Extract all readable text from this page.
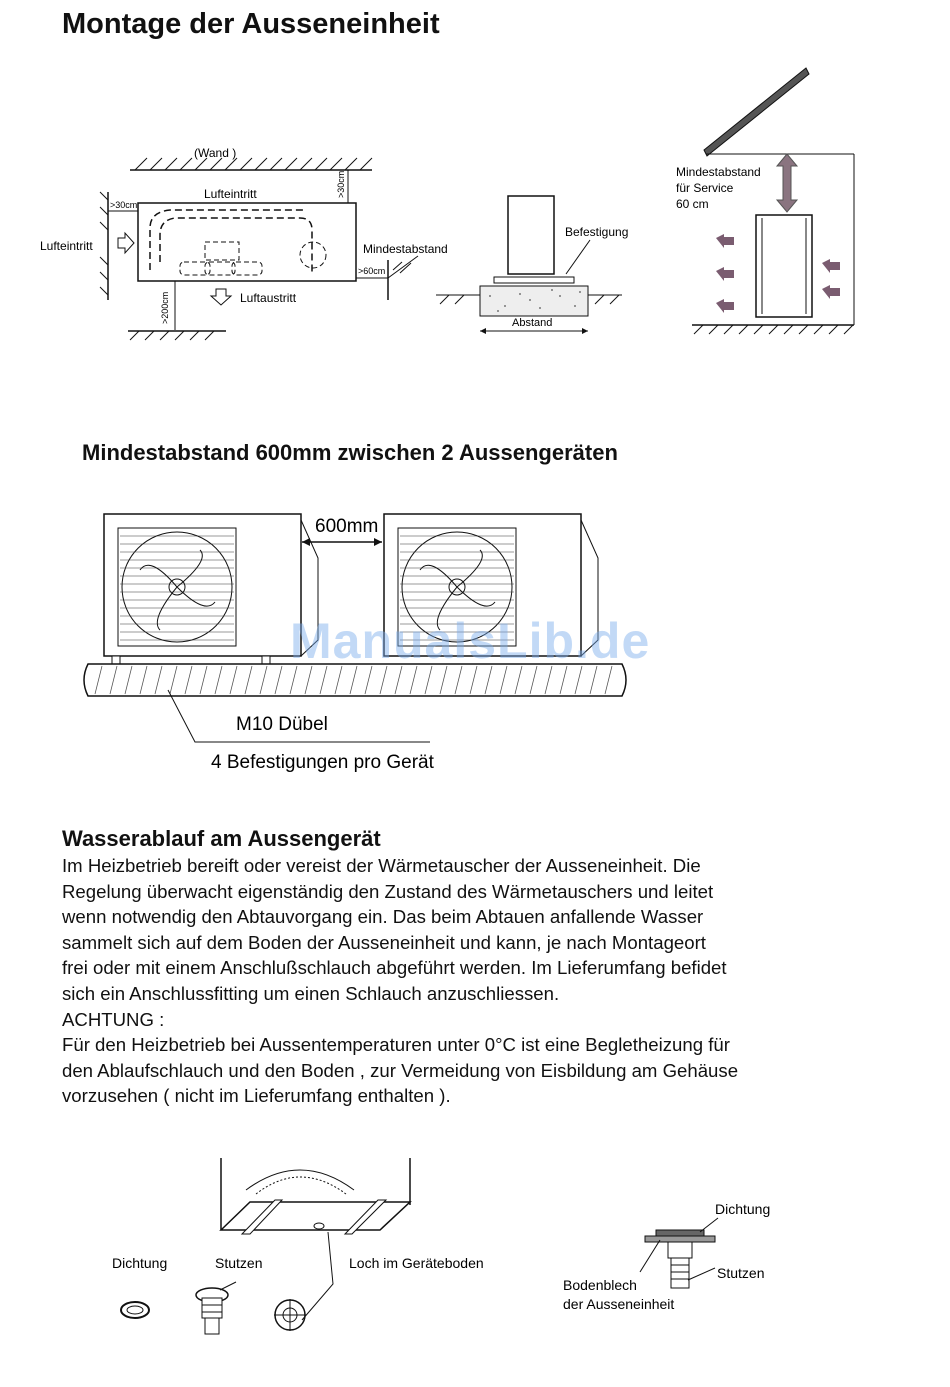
Montage der Ausseneinheit
(Wand )
>30cm
>30cm
>60cm
>200cm
Lufteintritt
Lufteintritt
Luftaustritt
Mindestabstand
Abstand
Befestigung
Mindestabstand
für Service
60 cm
Mindestabstand 600mm zwischen 2 Aussengeräten
600mm
M10 Dübel
4 Befestigungen pro Gerät
ManualsLib.de
Wasserablauf am Aussengerät

Im Heizbetrieb bereift oder vereist der Wärmetauscher der Ausseneinheit. Die

Regelung überwacht eigenständig den Zustand des Wärmetauschers und leitet

wenn notwendig den Abtauvorgang ein. Das beim Abtauen anfallende Wasser

sammelt sich auf dem Boden der Ausseneinheit und kann, je nach Montageort

frei oder mit einem Anschlußschlauch abgeführt werden. Im Lieferumfang befidet

sich ein Anschlussfitting um einen Schlauch anzuschliessen.

ACHTUNG :

Für den Heizbetrieb bei Aussentemperaturen unter 0°C ist eine Begletheizung für

den Ablaufschlauch und den Boden , zur Vermeidung von Eisbildung am Gehäuse

vorzusehen ( nicht im Lieferumfang enthalten ).

Dichtung	Stutzen	Loch im Geräteboden
Dichtung
Stutzen
Bodenblech
der Ausseneinheit
